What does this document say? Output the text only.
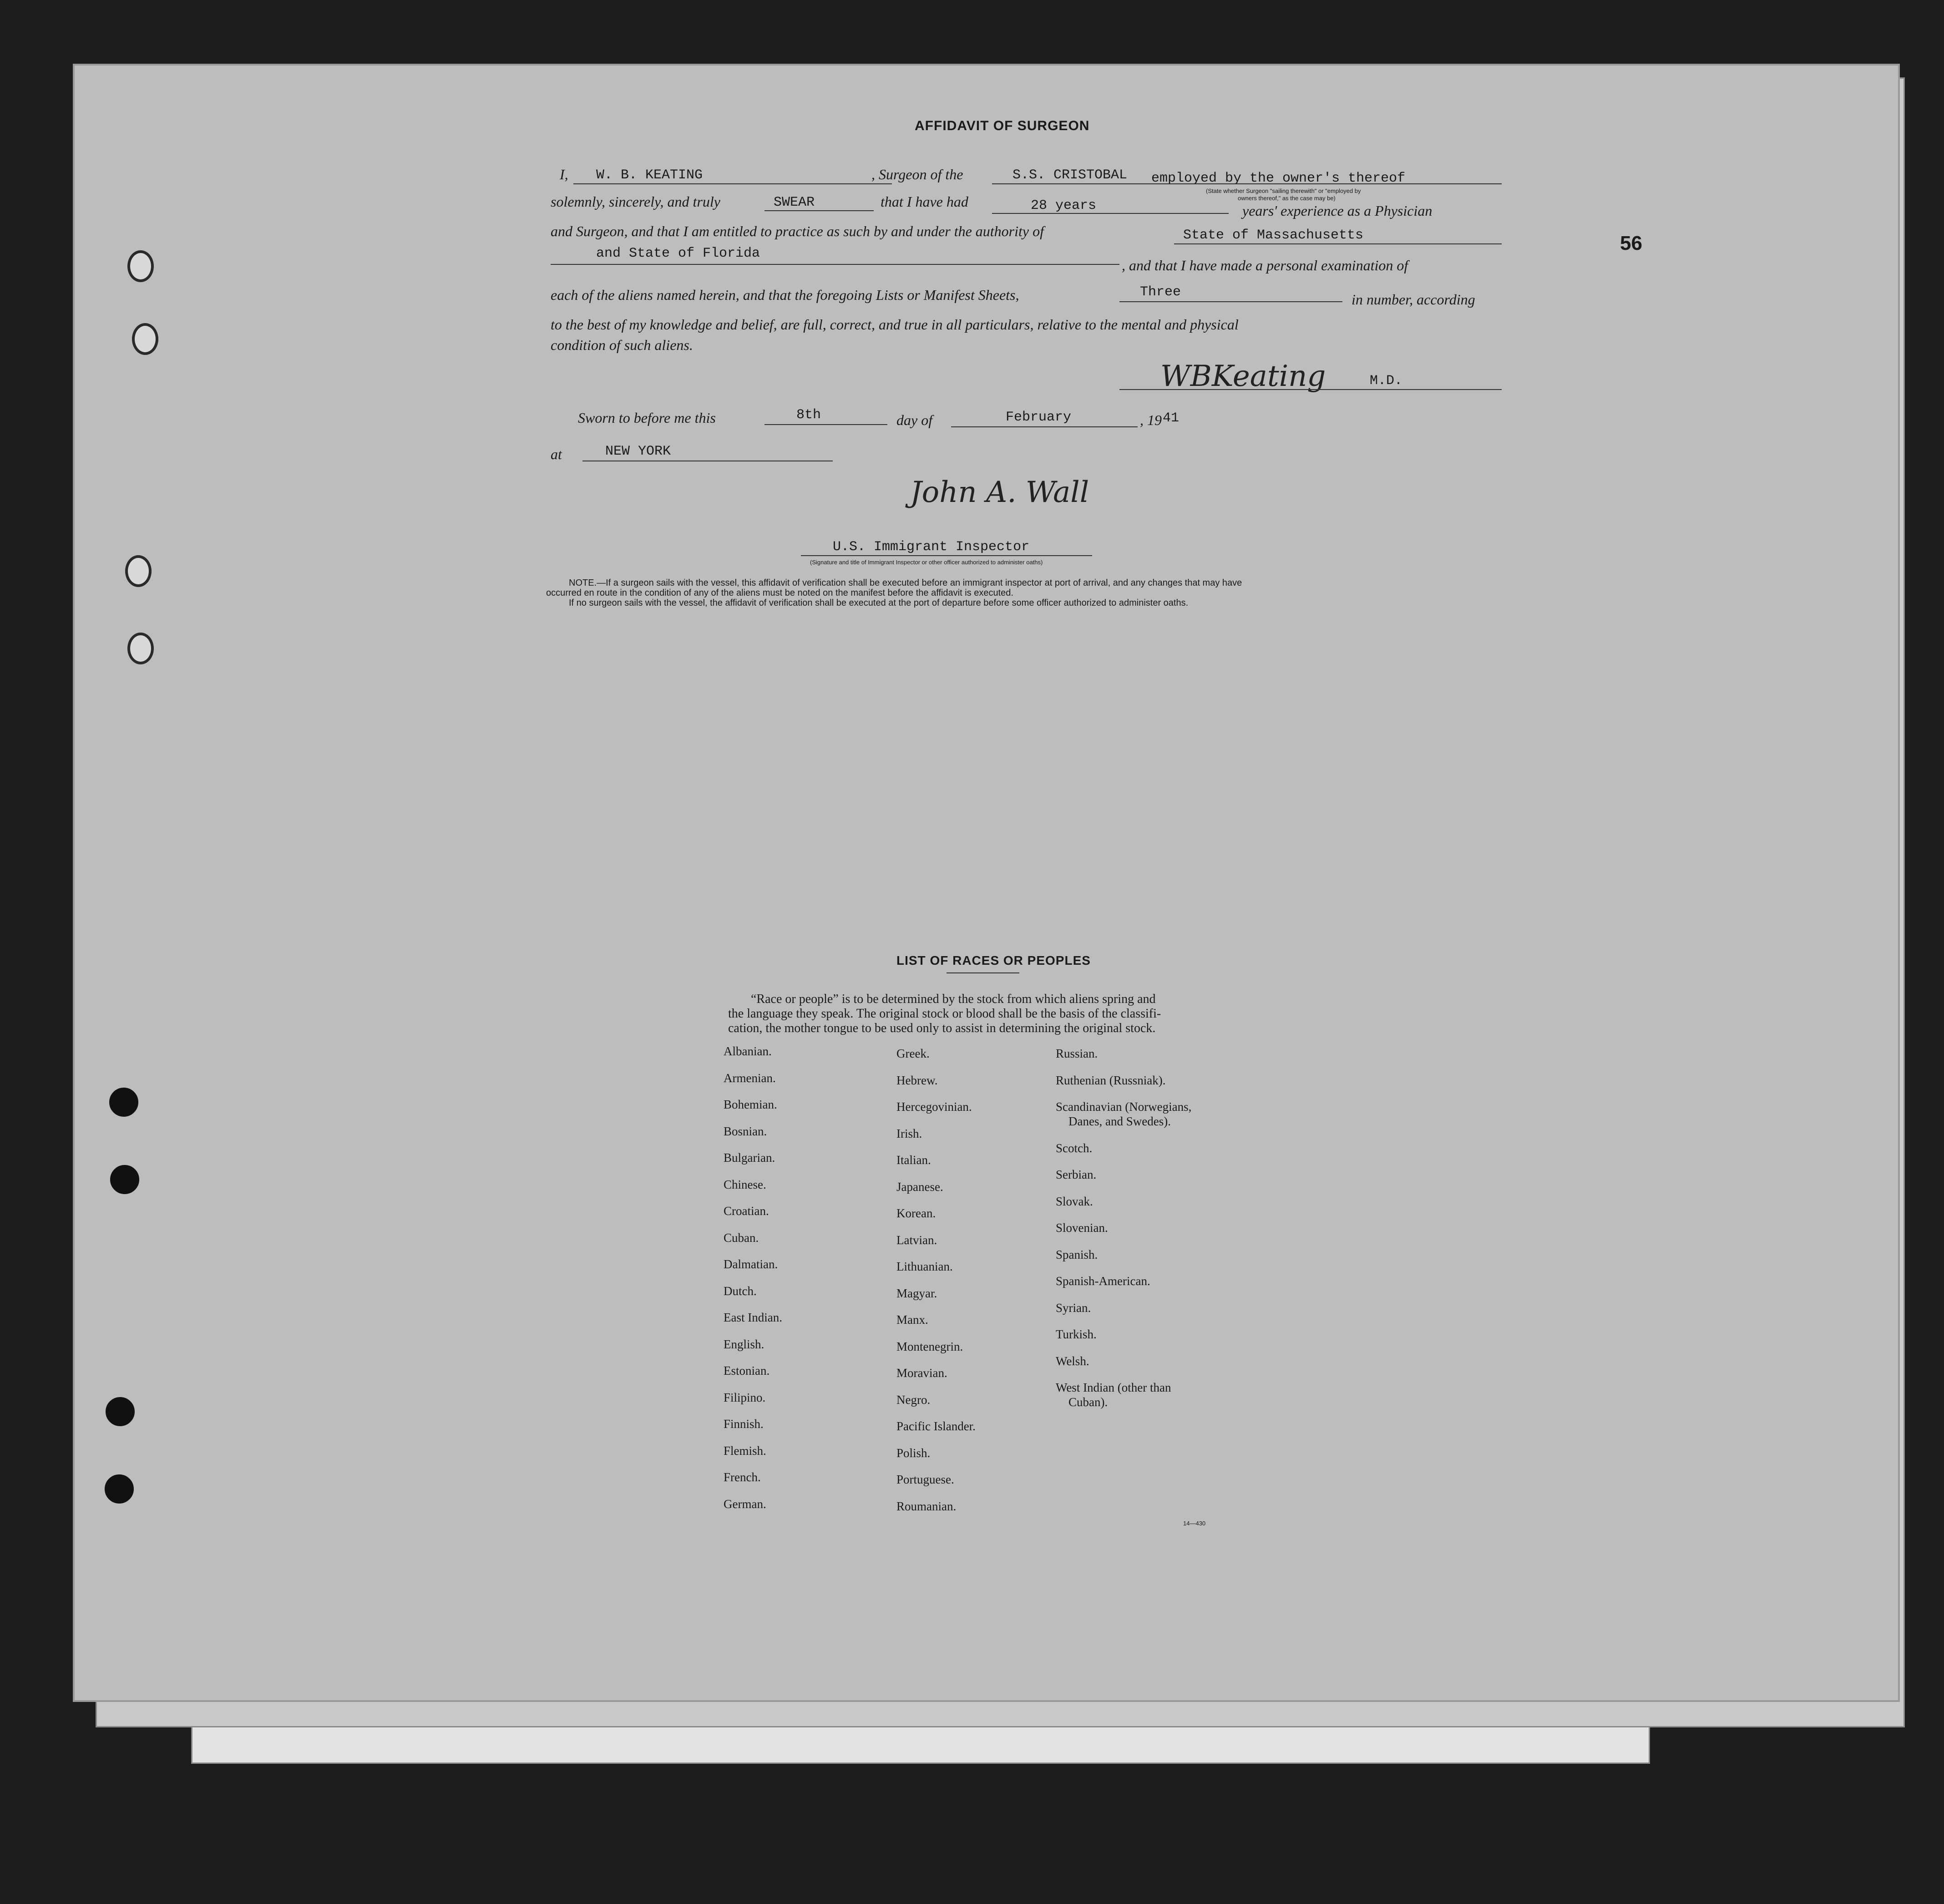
56
AFFIDAVIT OF SURGEON
I, W. B. KEATING	, Surgeon of the	S.S. CRISTOBAL employed by the owner's thereof
(State whether Surgeon "sailing therewith" or "employed by
owners thereof," as the case may be)
solemnly, sincerely, and truly	SWEAR	that I have had	28 years	years' experience as a Physician
and Surgeon, and that I am entitled to practice as such by and under the authority of	State of Massachusetts
and State of Florida
, and that I have made a personal examination of
each of the aliens named herein, and that the foregoing Lists or Manifest Sheets,	Three	in number, according
to the best of my knowledge and belief, are full, correct, and true in all particulars, relative to the mental and physical
condition of such aliens.
WBKeating	M.D.
Sworn to before me this	8th	day of	February	, 19 41
at	NEW YORK
John A. Wall
U.S. Immigrant Inspector
(Signature and title of Immigrant Inspector or other officer authorized to administer oaths)
NOTE.—If a surgeon sails with the vessel, this affidavit of verification shall be executed before an immigrant inspector at port of arrival, and any changes that may have
occurred en route in the condition of any of the aliens must be noted on the manifest before the affidavit is executed.
If no surgeon sails with the vessel, the affidavit of verification shall be executed at the port of departure before some officer authorized to administer oaths.
LIST OF RACES OR PEOPLES
“Race or people” is to be determined by the stock from which aliens spring and
the language they speak. The original stock or blood shall be the basis of the classifi-
cation, the mother tongue to be used only to assist in determining the original stock.
Albanian.
Armenian.
Bohemian.
Bosnian.
Bulgarian.
Chinese.
Croatian.
Cuban.
Dalmatian.
Dutch.
East Indian.
English.
Estonian.
Filipino.
Finnish.
Flemish.
French.
German.
Greek.
Hebrew.
Hercegovinian.
Irish.
Italian.
Japanese.
Korean.
Latvian.
Lithuanian.
Magyar.
Manx.
Montenegrin.
Moravian.
Negro.
Pacific Islander.
Polish.
Portuguese.
Roumanian.
Russian.
Ruthenian (Russniak).
Scandinavian (Norwegians,
Danes, and Swedes).
Scotch.
Serbian.
Slovak.
Slovenian.
Spanish.
Spanish-American.
Syrian.
Turkish.
Welsh.
West Indian (other than
Cuban).
14—430
